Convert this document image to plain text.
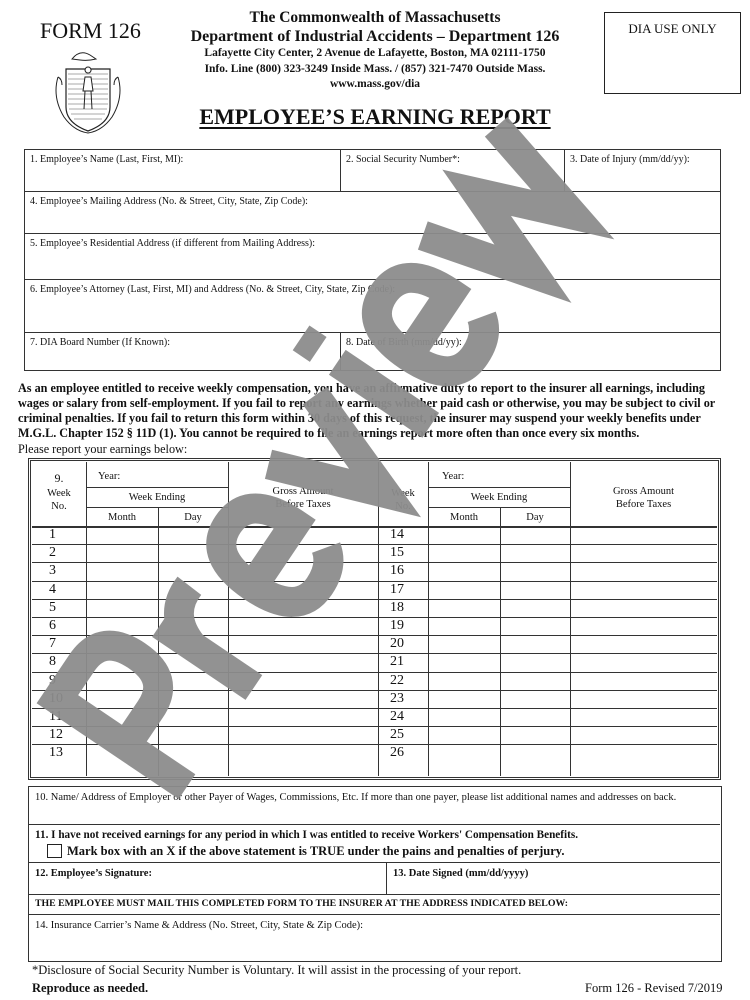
FORM 126
The Commonwealth of Massachusetts
Department of Industrial Accidents – Department 126
Lafayette City Center, 2 Avenue de Lafayette, Boston, MA 02111-1750
Info. Line (800) 323-3249 Inside Mass. / (857) 321-7470 Outside Mass.
www.mass.gov/dia
DIA USE ONLY
EMPLOYEE’S EARNING REPORT
1. Employee’s Name (Last, First, MI):	2. Social Security Number*:	3. Date of Injury (mm/dd/yy):
4. Employee’s Mailing Address (No. & Street, City, State, Zip Code):
5. Employee’s Residential Address (if different from Mailing Address):
6. Employee’s Attorney (Last, First, MI) and Address (No. & Street, City, State, Zip Code):
7. DIA Board Number (If Known):	8. Date of Birth (mm/dd/yy):
As an employee entitled to receive weekly compensation, you have an affirmative duty to report to the insurer all earnings, including wages or salary from self-employment. If you fail to report any earnings whether paid cash or otherwise, you may be subject to civil or criminal penalties. If you fail to return this form within 30 days of this request, the insurer may suspend your weekly benefits under M.G.L. Chapter 152 § 11D (1). You cannot be required to file an earnings report more often than once every six months.
Please report your earnings below:
9.
Week
No.
Year:
Week Ending
Month	Day
Gross Amount
Before Taxes
Week
No.
Year:
Week Ending
Month	Day
Gross Amount
Before Taxes
1	14
2	15
3	16
4	17
5	18
6	19
7	20
8	21
9	22
10	23
11	24
12	25
13	26
10. Name/ Address of Employer or other Payer of Wages, Commissions, Etc. If more than one payer, please list additional names and addresses on back.
11. I have not received earnings for any period in which I was entitled to receive Workers' Compensation Benefits.
Mark box with an X if the above statement is TRUE under the pains and penalties of perjury.
12. Employee’s Signature:	13. Date Signed (mm/dd/yyyy)
THE EMPLOYEE MUST MAIL THIS COMPLETED FORM TO THE INSURER AT THE ADDRESS INDICATED BELOW:
14. Insurance Carrier’s Name & Address (No. Street, City, State & Zip Code):
*Disclosure of Social Security Number is Voluntary. It will assist in the processing of your report.
Reproduce as needed.	Form 126 - Revised 7/2019
